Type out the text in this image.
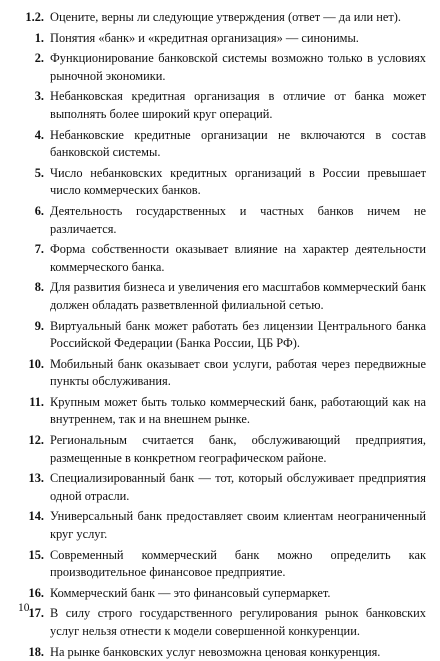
1.2. Оцените, верны ли следующие утверждения (ответ — да или нет).
1. Понятия «банк» и «кредитная организация» — синонимы.
2. Функционирование банковской системы возможно только в условиях рыночной экономики.
3. Небанковская кредитная организация в отличие от банка может выполнять более широкий круг операций.
4. Небанковские кредитные организации не включаются в состав банковской системы.
5. Число небанковских кредитных организаций в России превышает число коммерческих банков.
6. Деятельность государственных и частных банков ничем не различается.
7. Форма собственности оказывает влияние на характер деятельности коммерческого банка.
8. Для развития бизнеса и увеличения его масштабов коммерческий банк должен обладать разветвленной филиальной сетью.
9. Виртуальный банк может работать без лицензии Центрального банка Российской Федерации (Банка России, ЦБ РФ).
10. Мобильный банк оказывает свои услуги, работая через передвижные пункты обслуживания.
11. Крупным может быть только коммерческий банк, работающий как на внутреннем, так и на внешнем рынке.
12. Региональным считается банк, обслуживающий предприятия, размещенные в конкретном географическом районе.
13. Специализированный банк — тот, который обслуживает предприятия одной отрасли.
14. Универсальный банк предоставляет своим клиентам неограниченный круг услуг.
15. Современный коммерческий банк можно определить как производительное финансовое предприятие.
16. Коммерческий банк — это финансовый супермаркет.
17. В силу строго государственного регулирования рынок банковских услуг нельзя отнести к модели совершенной конкуренции.
18. На рынке банковских услуг невозможна ценовая конкуренция.
10
